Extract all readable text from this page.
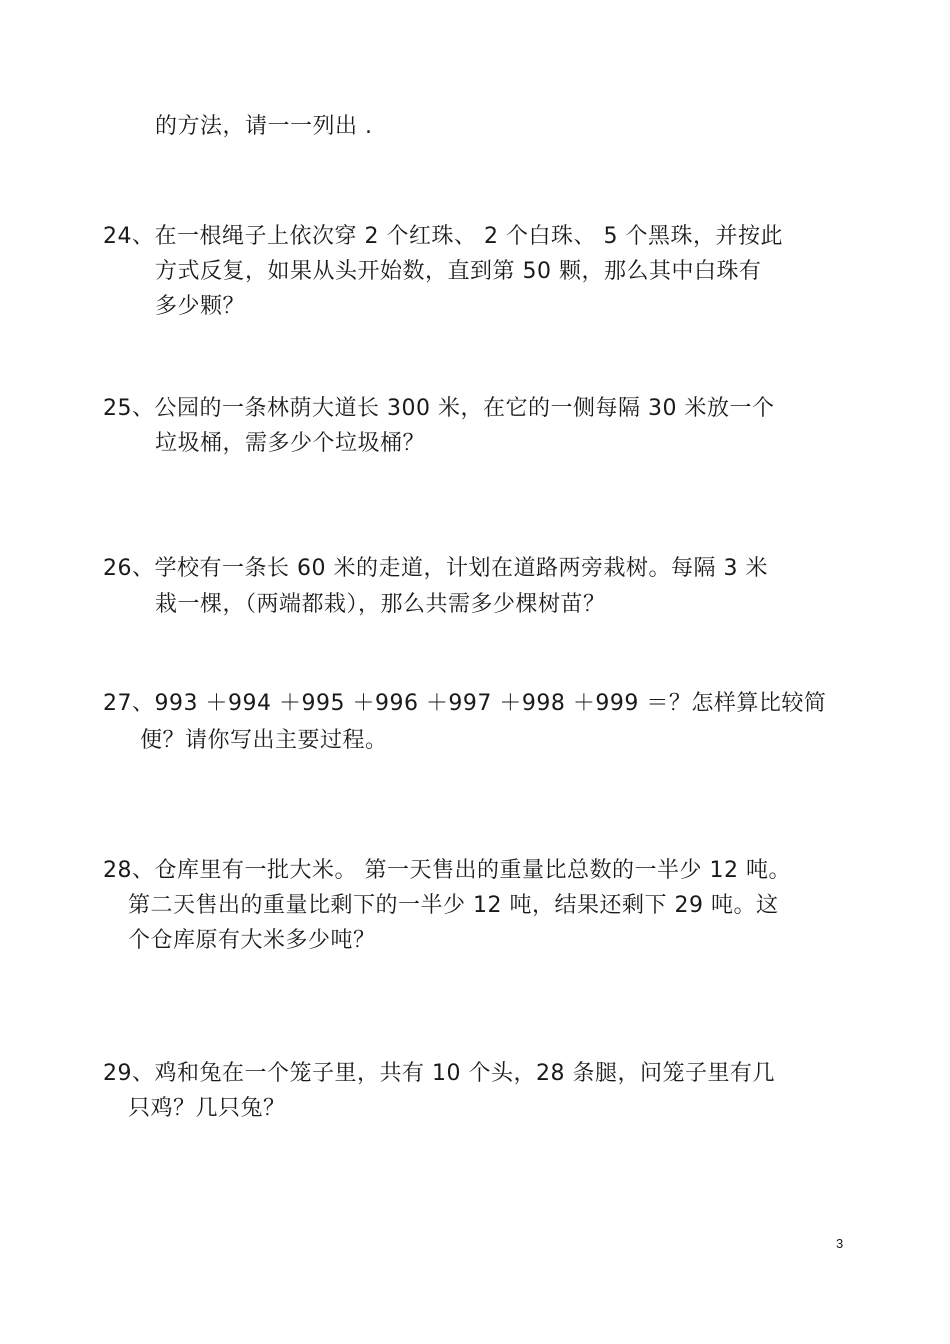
的方法，请一一列出 .
24、在一根绳子上依次穿 2 个红珠、 2 个白珠、 5 个黑珠，并按此
方式反复，如果从头开始数，直到第 50 颗，那么其中白珠有
多少颗？
25、公园的一条林荫大道长 300 米，在它的一侧每隔 30 米放一个
垃圾桶，需多少个垃圾桶？
26、学校有一条长 60 米的走道，计划在道路两旁栽树。每隔 3 米
栽一棵，（两端都栽），那么共需多少棵树苗？
27、993 ＋994 ＋995 ＋996 ＋997 ＋998 ＋999 ＝？怎样算比较简
便？请你写出主要过程。
28、仓库里有一批大米。 第一天售出的重量比总数的一半少 12 吨。
第二天售出的重量比剩下的一半少 12 吨，结果还剩下 29 吨。这
个仓库原有大米多少吨？
29、鸡和兔在一个笼子里，共有 10 个头，28 条腿，问笼子里有几
只鸡？几只兔？
3
